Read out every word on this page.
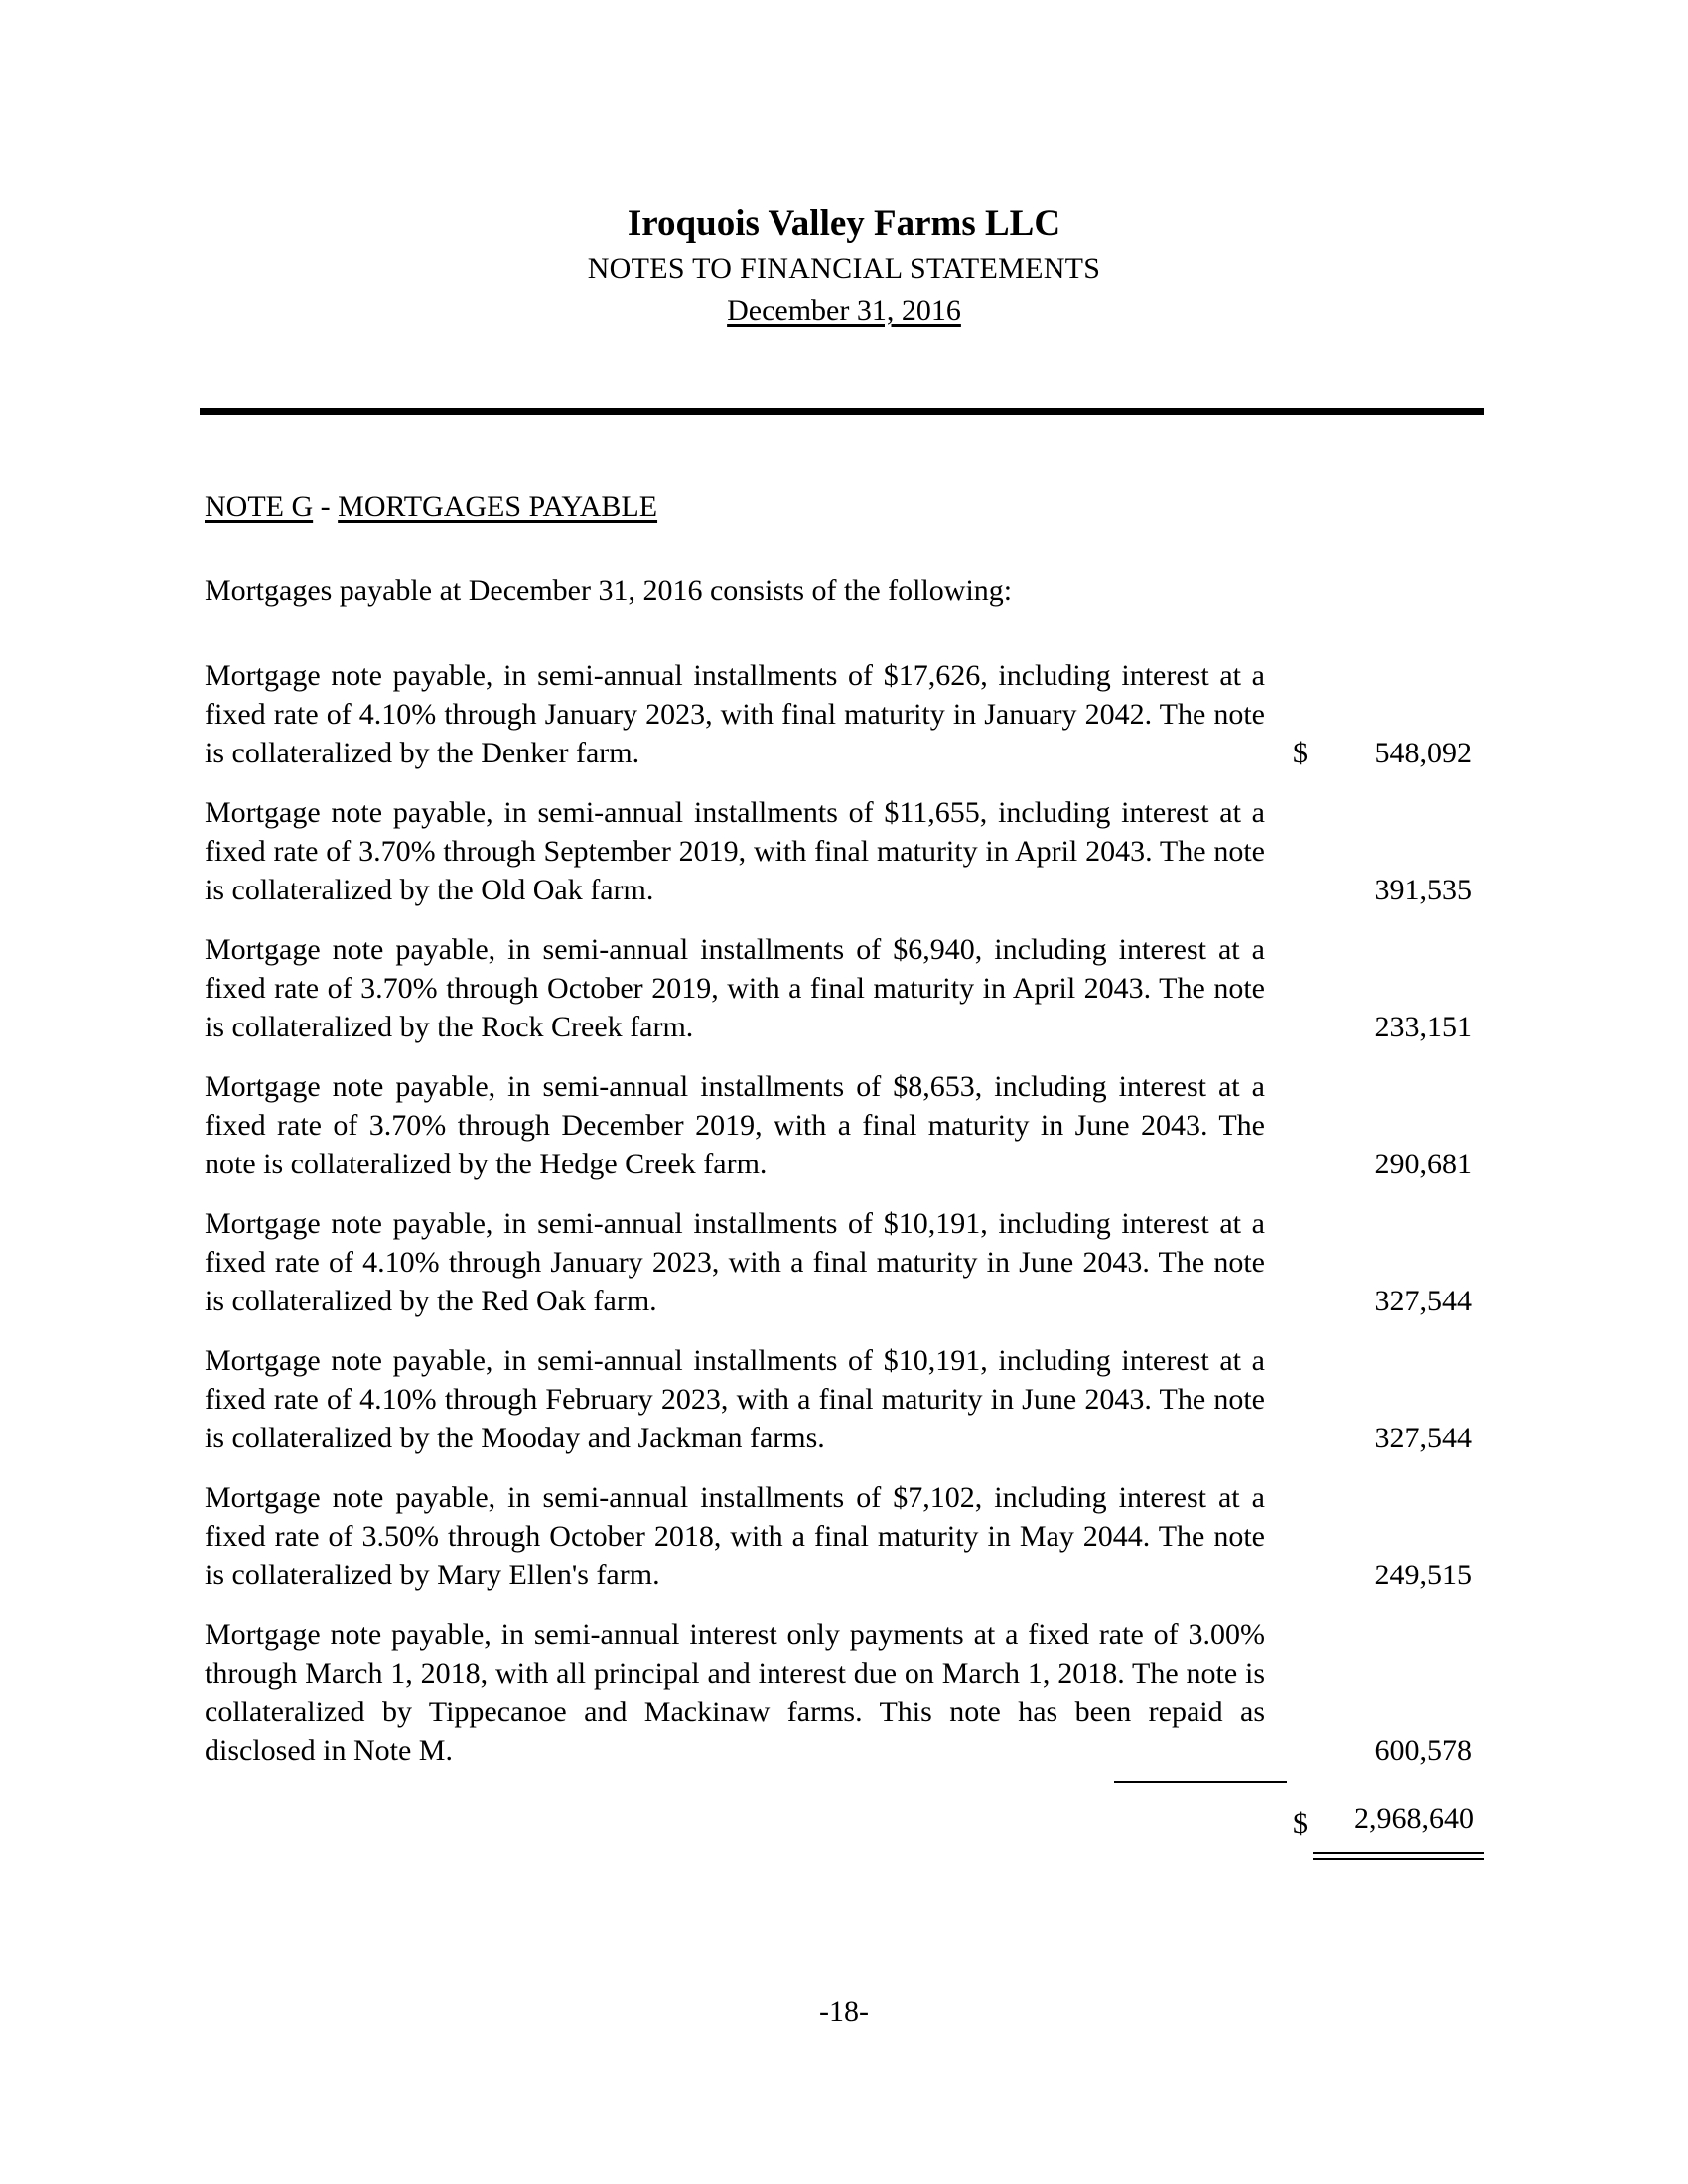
Iroquois Valley Farms LLC
NOTES TO FINANCIAL STATEMENTS
December 31, 2016
NOTE G - MORTGAGES PAYABLE
Mortgages payable at December 31, 2016 consists of the following:
Mortgage note payable, in semi-annual installments of $17,626, including interest at a fixed rate of 4.10% through January 2023, with final maturity in January 2042. The note is collateralized by the Denker farm.	$ 548,092
Mortgage note payable, in semi-annual installments of $11,655, including interest at a fixed rate of 3.70% through September 2019, with final maturity in April 2043. The note is collateralized by the Old Oak farm.	391,535
Mortgage note payable, in semi-annual installments of $6,940, including interest at a fixed rate of 3.70% through October 2019, with a final maturity in April 2043. The note is collateralized by the Rock Creek farm.	233,151
Mortgage note payable, in semi-annual installments of $8,653, including interest at a fixed rate of 3.70% through December 2019, with a final maturity in June 2043. The note is collateralized by the Hedge Creek farm.	290,681
Mortgage note payable, in semi-annual installments of $10,191, including interest at a fixed rate of 4.10% through January 2023, with a final maturity in June 2043. The note is collateralized by the Red Oak farm.	327,544
Mortgage note payable, in semi-annual installments of $10,191, including interest at a fixed rate of 4.10% through February 2023, with a final maturity in June 2043. The note is collateralized by the Mooday and Jackman farms.	327,544
Mortgage note payable, in semi-annual installments of $7,102, including interest at a fixed rate of 3.50% through October 2018, with a final maturity in May 2044. The note is collateralized by Mary Ellen's farm.	249,515
Mortgage note payable, in semi-annual interest only payments at a fixed rate of 3.00% through March 1, 2018, with all principal and interest due on March 1, 2018. The note is collateralized by Tippecanoe and Mackinaw farms. This note has been repaid as disclosed in Note M.	600,578
$ 2,968,640
-18-
